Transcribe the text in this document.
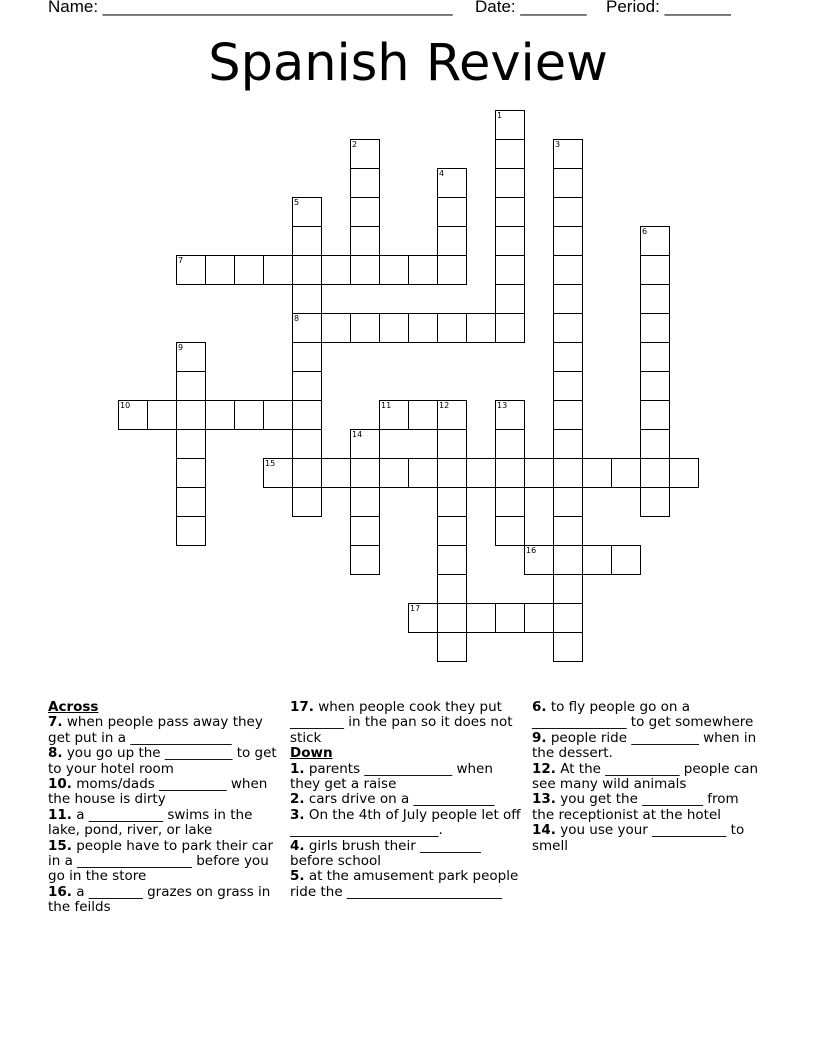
Name: _____________________________________ Date: _______ Period: _______
Spanish Review
1
2	3
4
5
6
7
8
9
10	11	12	13
14
15
16
17
Across
7. when people pass away they get put in a _______________
8. you go up the __________ to get to your hotel room
10. moms/dads __________ when the house is dirty
11. a ___________ swims in the lake, pond, river, or lake
15. people have to park their car in a _________________ before you go in the store
16. a ________ grazes on grass in the feilds
17. when people cook they put ________ in the pan so it does not stick
Down
1. parents _____________ when they get a raise
2. cars drive on a ____________
3. On the 4th of July people let off ______________________.
4. girls brush their _________ before school
5. at the amusement park people ride the _______________________
6. to fly people go on a ______________ to get somewhere
9. people ride __________ when in the dessert.
12. At the ___________ people can see many wild animals
13. you get the _________ from the receptionist at the hotel
14. you use your ___________ to smell
